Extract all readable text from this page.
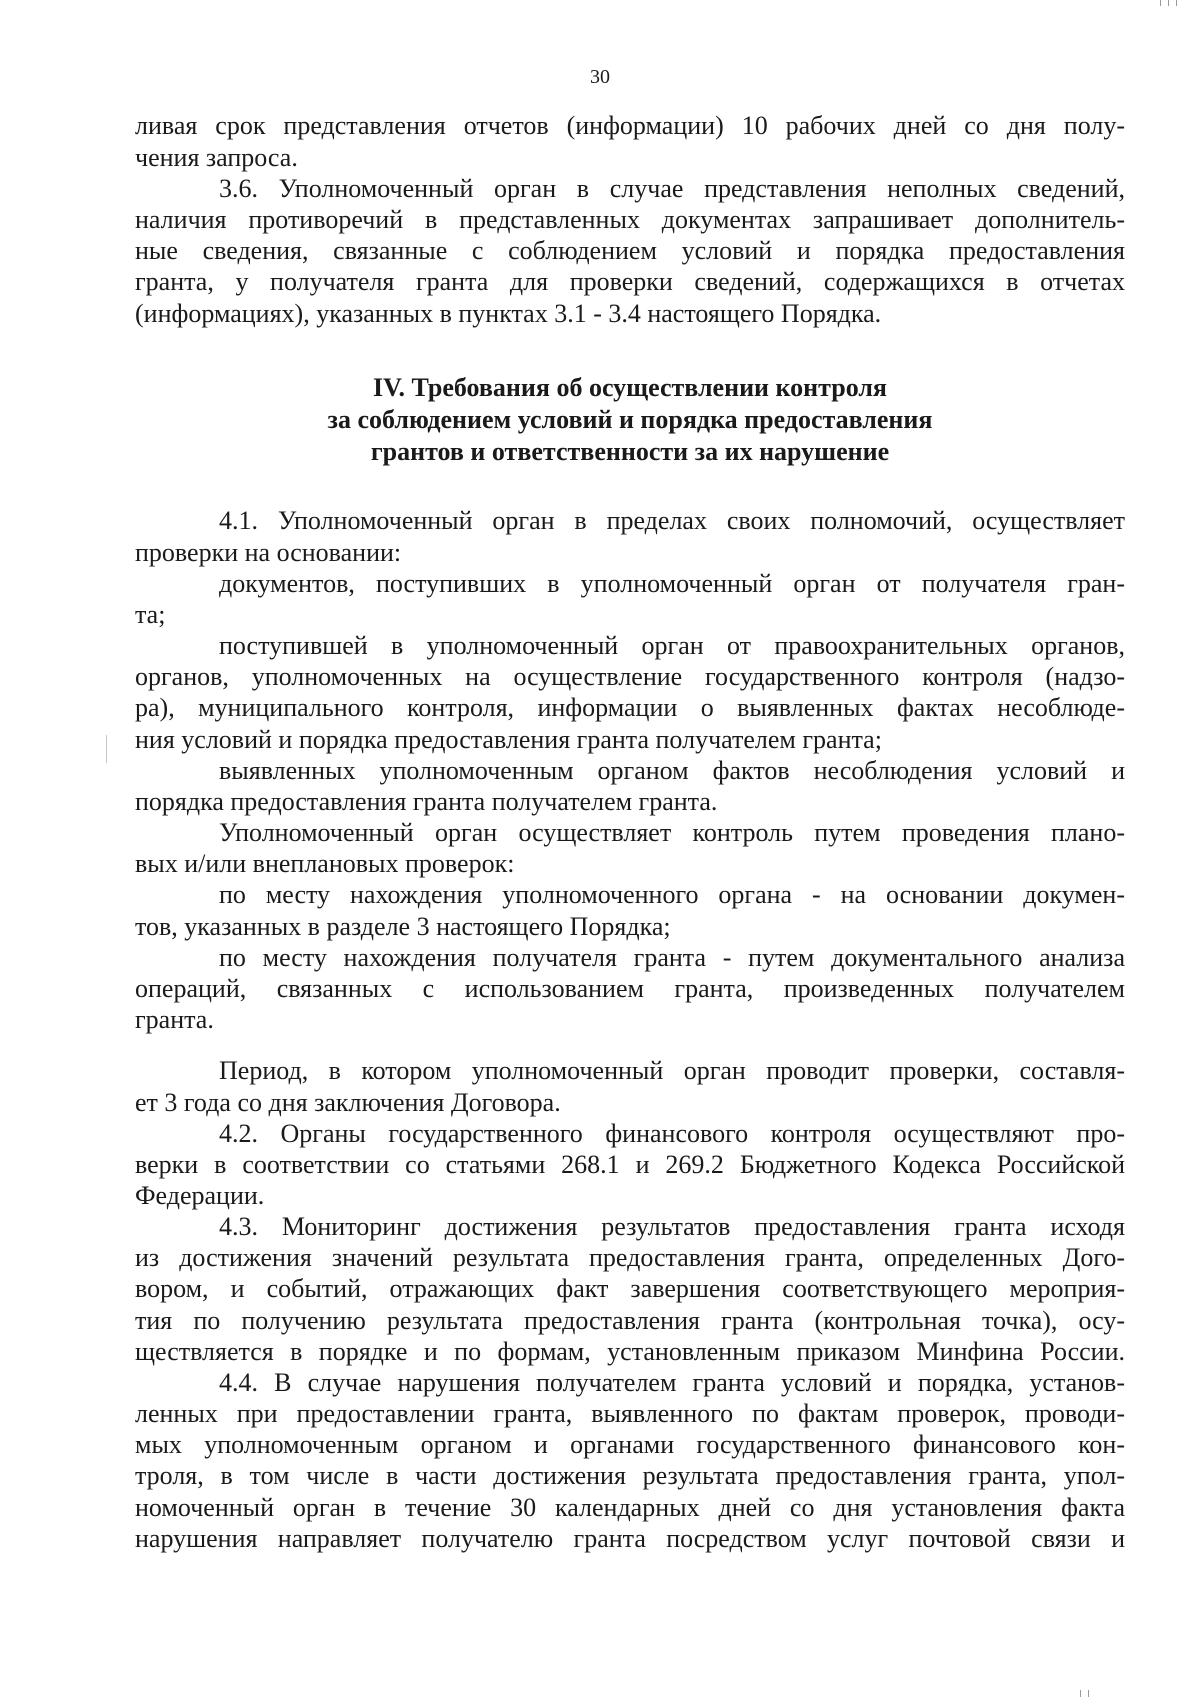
30
ливая срок представления отчетов (информации) 10 рабочих дней со дня полу-
чения запроса.
3.6. Уполномоченный орган в случае представления неполных сведений,
наличия противоречий в представленных документах запрашивает дополнитель-
ные сведения, связанные с соблюдением условий и порядка предоставления
гранта, у получателя гранта для проверки сведений, содержащихся в отчетах
(информациях), указанных в пунктах 3.1 - 3.4 настоящего Порядка.
IV. Требования об осуществлении контроля
за соблюдением условий и порядка предоставления
грантов и ответственности за их нарушение
4.1. Уполномоченный орган в пределах своих полномочий, осуществляет
проверки на основании:
документов, поступивших в уполномоченный орган от получателя гран-
та;
поступившей в уполномоченный орган от правоохранительных органов,
органов, уполномоченных на осуществление государственного контроля (надзо-
ра), муниципального контроля, информации о выявленных фактах несоблюде-
ния условий и порядка предоставления гранта получателем гранта;
выявленных уполномоченным органом фактов несоблюдения условий и
порядка предоставления гранта получателем гранта.
Уполномоченный орган осуществляет контроль путем проведения плано-
вых и/или внеплановых проверок:
по месту нахождения уполномоченного органа - на основании докумен-
тов, указанных в разделе 3 настоящего Порядка;
по месту нахождения получателя гранта - путем документального анализа
операций, связанных с использованием гранта, произведенных получателем
гранта.
Период, в котором уполномоченный орган проводит проверки, составля-
ет 3 года со дня заключения Договора.
4.2. Органы государственного финансового контроля осуществляют про-
верки в соответствии со статьями 268.1 и 269.2 Бюджетного Кодекса Российской
Федерации.
4.3. Мониторинг достижения результатов предоставления гранта исходя
из достижения значений результата предоставления гранта, определенных Дого-
вором, и событий, отражающих факт завершения соответствующего мероприя-
тия по получению результата предоставления гранта (контрольная точка), осу-
ществляется в порядке и по формам, установленным приказом Минфина России.
4.4. В случае нарушения получателем гранта условий и порядка, установ-
ленных при предоставлении гранта, выявленного по фактам проверок, проводи-
мых уполномоченным органом и органами государственного финансового кон-
троля, в том числе в части достижения результата предоставления гранта, упол-
номоченный орган в течение 30 календарных дней со дня установления факта
нарушения направляет получателю гранта посредством услуг почтовой связи и
